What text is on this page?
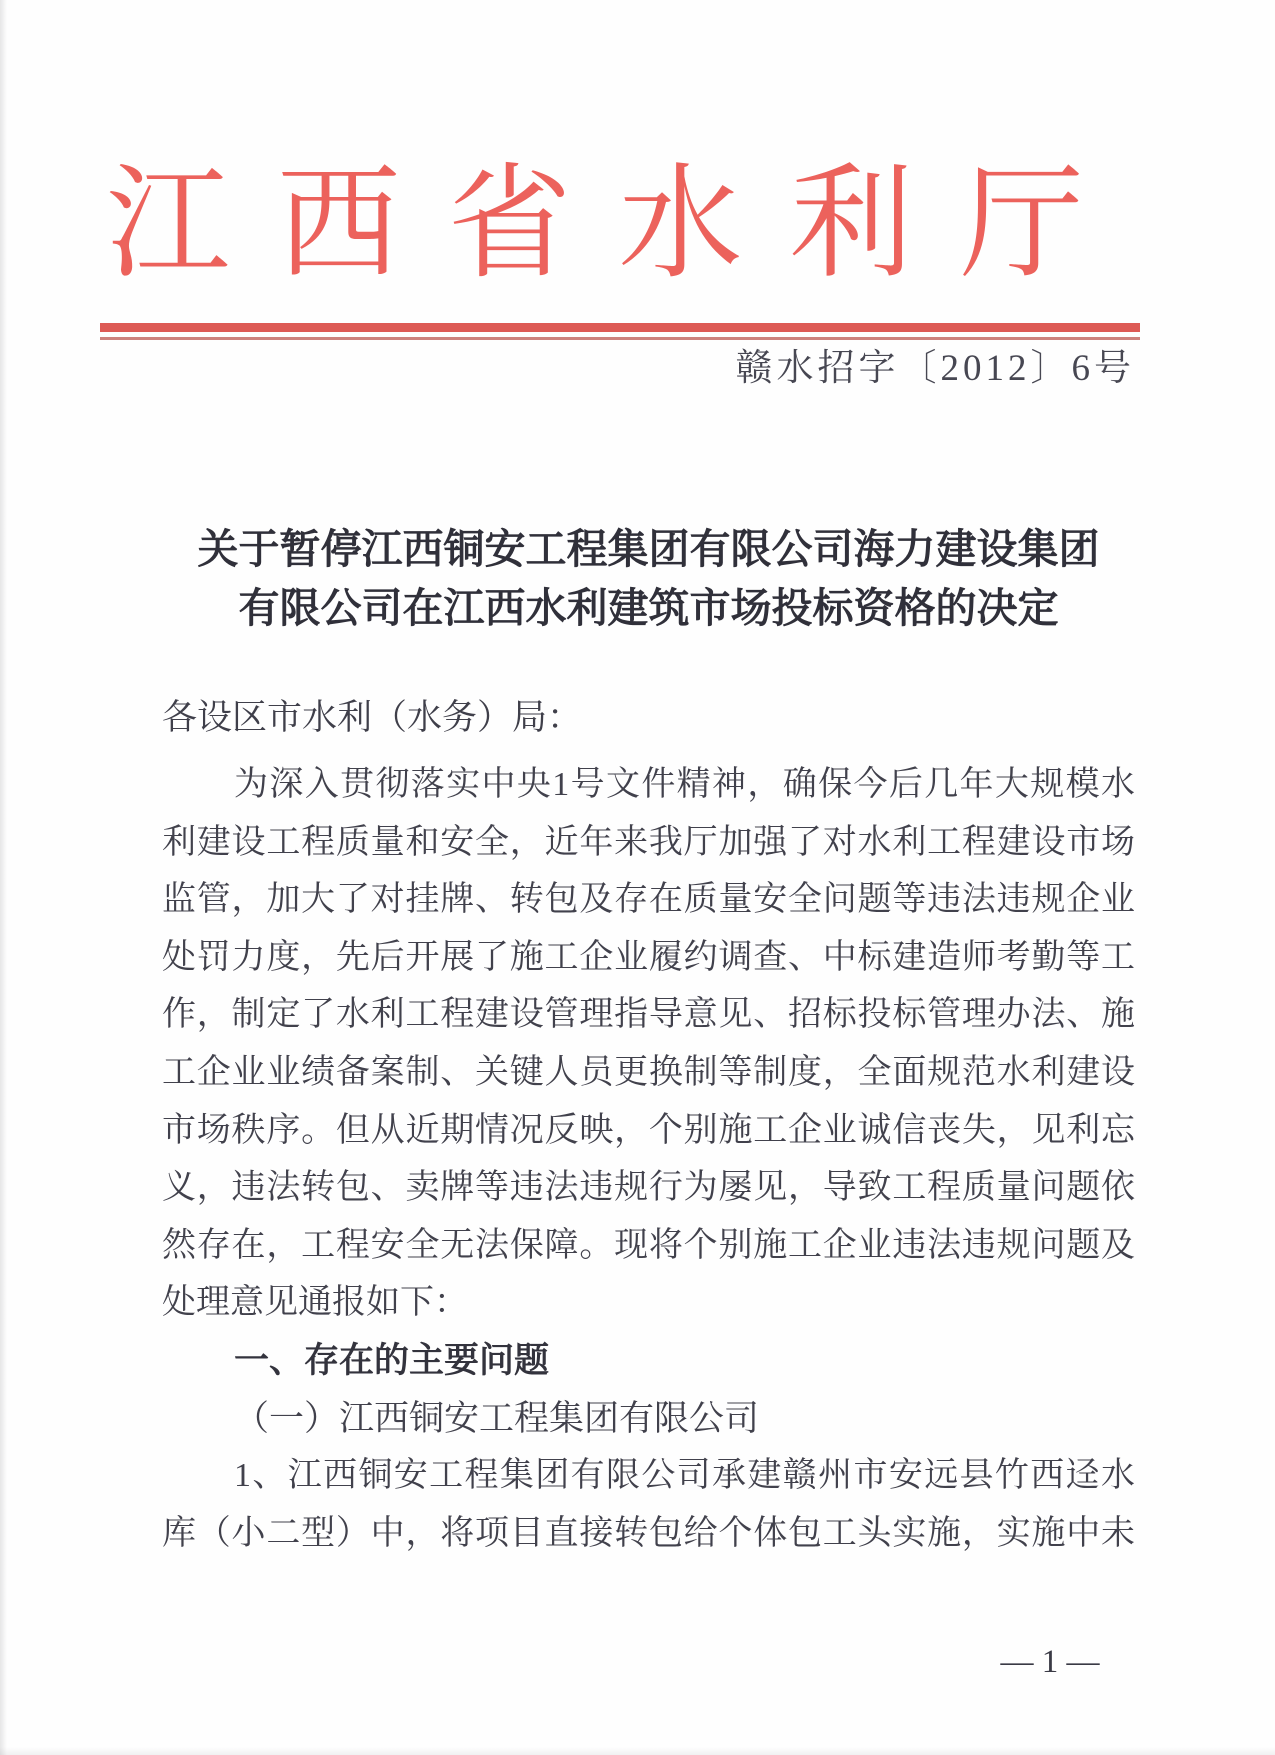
江 西 省 水 利 厅
赣水招字〔2012〕6号
关于暂停江西铜安工程集团有限公司海力建设集团
有限公司在江西水利建筑市场投标资格的决定
各设区市水利（水务）局：
为深入贯彻落实中央1号文件精神，确保今后几年大规模水
利建设工程质量和安全，近年来我厅加强了对水利工程建设市场
监管，加大了对挂牌、转包及存在质量安全问题等违法违规企业
处罚力度，先后开展了施工企业履约调查、中标建造师考勤等工
作，制定了水利工程建设管理指导意见、招标投标管理办法、施
工企业业绩备案制、关键人员更换制等制度，全面规范水利建设
市场秩序。但从近期情况反映，个别施工企业诚信丧失，见利忘
义，违法转包、卖牌等违法违规行为屡见，导致工程质量问题依
然存在，工程安全无法保障。现将个别施工企业违法违规问题及
处理意见通报如下：
一、存在的主要问题
（一）江西铜安工程集团有限公司
1、江西铜安工程集团有限公司承建赣州市安远县竹西迳水
库（小二型）中，将项目直接转包给个体包工头实施，实施中未
— 1 —
